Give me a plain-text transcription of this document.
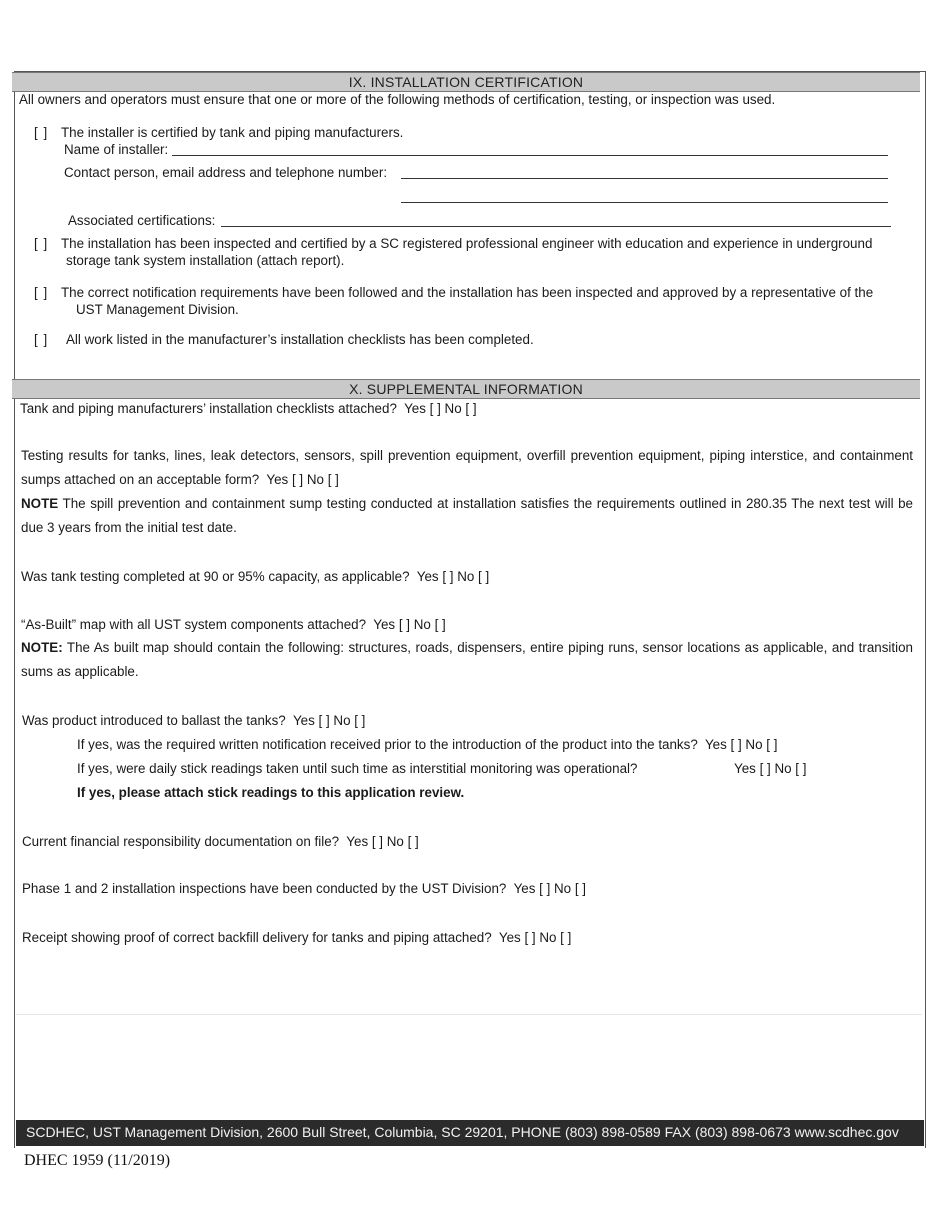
IX. INSTALLATION CERTIFICATION
All owners and operators must ensure that one or more of the following methods of certification, testing, or inspection was used.
[ ] The installer is certified by tank and piping manufacturers.
Name of installer:
Contact person, email address and telephone number:
Associated certifications:
[ ] The installation has been inspected and certified by a SC registered professional engineer with education and experience in underground
storage tank system installation (attach report).
[ ] The correct notification requirements have been followed and the installation has been inspected and approved by a representative of the
UST Management Division.
[ ] All work listed in the manufacturer’s installation checklists has been completed.
X. SUPPLEMENTAL INFORMATION
Tank and piping manufacturers’ installation checklists attached? Yes [ ] No [ ]
Testing results for tanks, lines, leak detectors, sensors, spill prevention equipment, overfill prevention equipment, piping interstice, and containment sumps attached on an acceptable form? Yes [ ] No [ ]
NOTE The spill prevention and containment sump testing conducted at installation satisfies the requirements outlined in 280.35 The next test will be due 3 years from the initial test date.
Was tank testing completed at 90 or 95% capacity, as applicable? Yes [ ] No [ ]
“As-Built” map with all UST system components attached? Yes [ ] No [ ]
NOTE: The As built map should contain the following: structures, roads, dispensers, entire piping runs, sensor locations as applicable, and transition sums as applicable.
Was product introduced to ballast the tanks? Yes [ ] No [ ]
If yes, was the required written notification received prior to the introduction of the product into the tanks? Yes [ ] No [ ]
If yes, were daily stick readings taken until such time as interstitial monitoring was operational?	Yes [ ] No [ ]
If yes, please attach stick readings to this application review.
Current financial responsibility documentation on file? Yes [ ] No [ ]
Phase 1 and 2 installation inspections have been conducted by the UST Division? Yes [ ] No [ ]
Receipt showing proof of correct backfill delivery for tanks and piping attached? Yes [ ] No [ ]
SCDHEC, UST Management Division, 2600 Bull Street, Columbia, SC 29201, PHONE (803) 898-0589 FAX (803) 898-0673 www.scdhec.gov
DHEC 1959 (11/2019)
